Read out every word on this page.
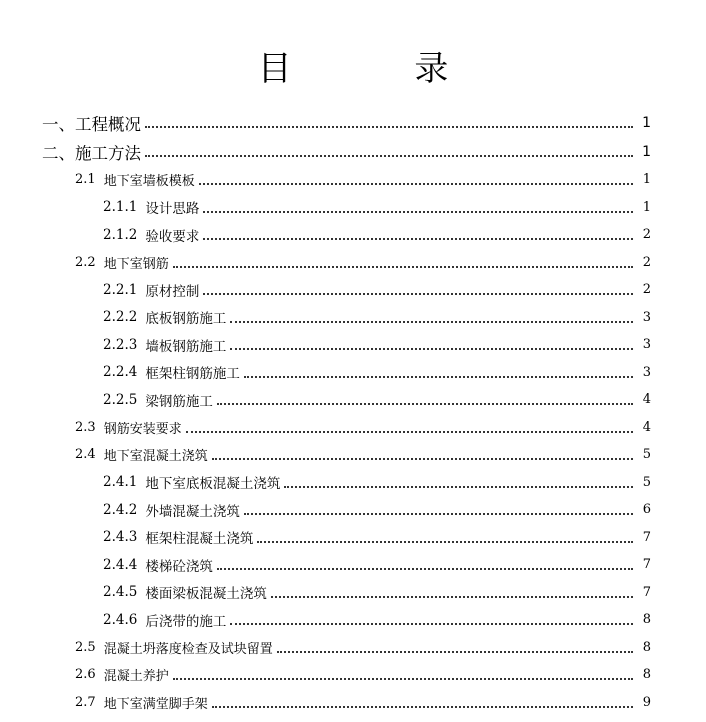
目 录
一、 工程概况	1
二、 施工方法	1
2.1 地下室墙板模板	1
2.1.1 设计思路	1
2.1.2 验收要求	2
2.2 地下室钢筋	2
2.2.1 原材控制	2
2.2.2 底板钢筋施工	3
2.2.3 墙板钢筋施工	3
2.2.4 框架柱钢筋施工	3
2.2.5 梁钢筋施工	4
2.3 钢筋安装要求	4
2.4 地下室混凝土浇筑	5
2.4.1 地下室底板混凝土浇筑	5
2.4.2 外墙混凝土浇筑	6
2.4.3 框架柱混凝土浇筑	7
2.4.4 楼梯砼浇筑	7
2.4.5 楼面梁板混凝土浇筑	7
2.4.6 后浇带的施工	8
2.5 混凝土坍落度检查及试块留置	8
2.6 混凝土养护	8
2.7 地下室满堂脚手架	9
